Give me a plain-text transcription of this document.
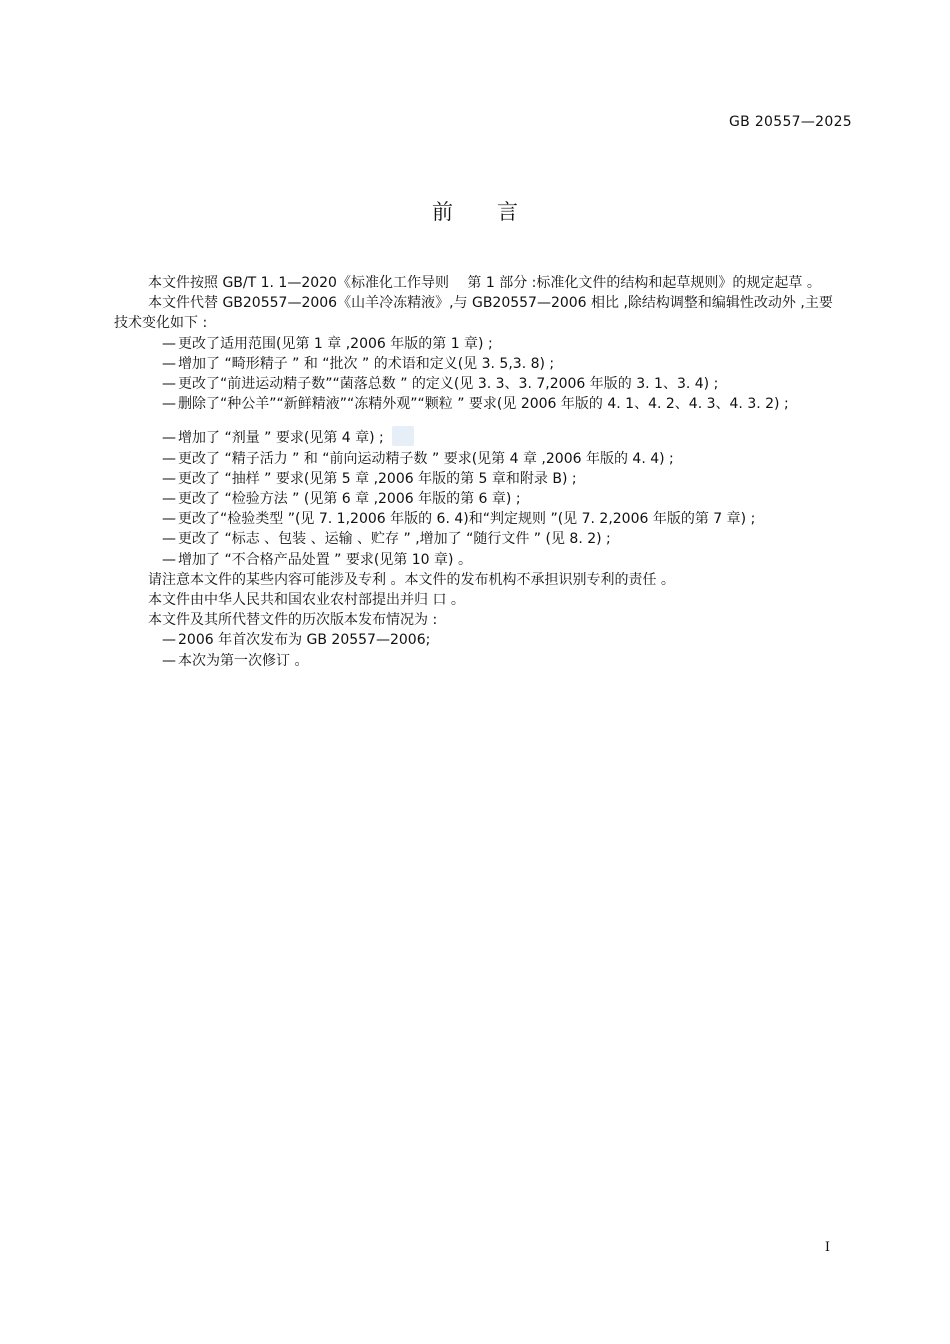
GB 20557—2025
前言

本文件按照 GB/T 1. 1—2020《标准化工作导则　 第 1 部分 :标准化文件的结构和起草规则》的规定起草 。

本文件代替 GB20557—2006《山羊冷冻精液》,与 GB20557—2006 相比 ,除结构调整和编辑性改动外 ,主要技术变化如下 :

— 更改了适用范围(见第 1 章 ,2006 年版的第 1 章) ;

— 增加了 “畸形精子 ” 和 “批次 ” 的术语和定义(见 3. 5,3. 8) ;

— 更改了“前进运动精子数”“菌落总数 ” 的定义(见 3. 3、3. 7,2006 年版的 3. 1、3. 4) ;

— 删除了“种公羊”“新鲜精液”“冻精外观”“颗粒 ” 要求(见 2006 年版的 4. 1、4. 2、4. 3、4. 3. 2) ;

— 增加了 “剂量 ” 要求(见第 4 章) ;

— 更改了 “精子活力 ” 和 “前向运动精子数 ” 要求(见第 4 章 ,2006 年版的 4. 4) ;

— 更改了 “抽样 ” 要求(见第 5 章 ,2006 年版的第 5 章和附录 B) ;

— 更改了 “检验方法 ” (见第 6 章 ,2006 年版的第 6 章) ;

— 更改了“检验类型 ”(见 7. 1,2006 年版的 6. 4)和“判定规则 ”(见 7. 2,2006 年版的第 7 章) ;

— 更改了 “标志 、包装 、运输 、贮存 ” ,增加了 “随行文件 ” (见 8. 2) ;

— 增加了 “不合格产品处置 ” 要求(见第 10 章) 。

请注意本文件的某些内容可能涉及专利 。本文件的发布机构不承担识别专利的责任 。

本文件由中华人民共和国农业农村部提出并归 口 。

本文件及其所代替文件的历次版本发布情况为 :

— 2006 年首次发布为 GB 20557—2006;

— 本次为第一次修订 。

I
